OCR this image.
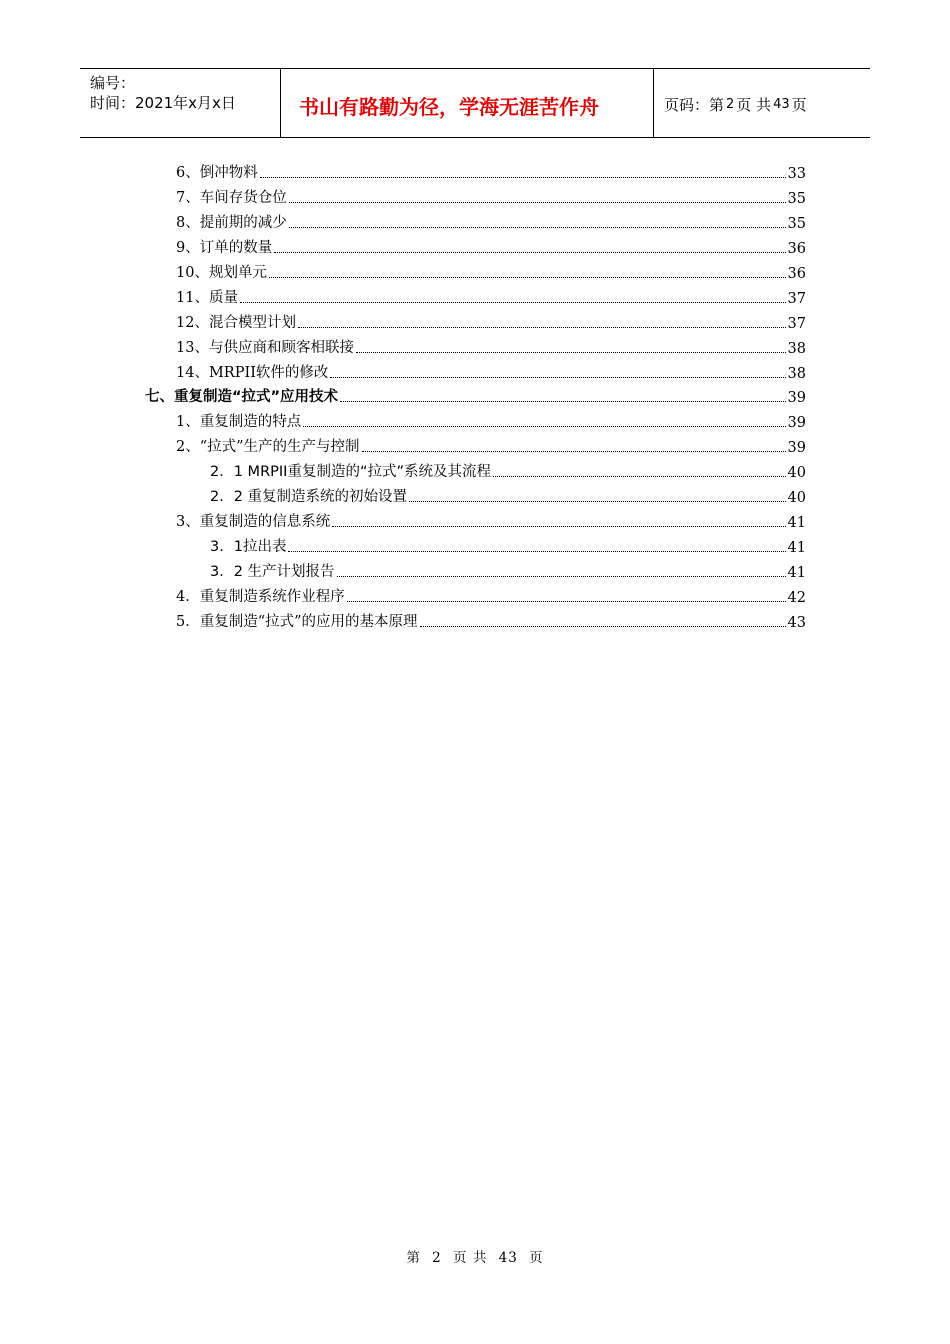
编号：
时间：2021年x月x日	书山有路勤为径，学海无涯苦作舟	页码：第 2 页 共 43 页
6、倒冲物料	33
7、车间存货仓位	35
8、提前期的减少	35
9、订单的数量	36
10、规划单元	36
11、质量	37
12、混合模型计划	37
13、与供应商和顾客相联接	38
14、MRPII软件的修改	38
七、重复制造“拉式”应用技术	39
1、重复制造的特点	39
2、“拉式”生产的生产与控制	39
2．1 MRPII重复制造的“拉式”系统及其流程	40
2．2 重复制造系统的初始设置	40
3、重复制造的信息系统	41
3．1拉出表	41
3．2 生产计划报告	41
4．重复制造系统作业程序	42
5．重复制造“拉式”的应用的基本原理	43
第 2 页 共 43 页
